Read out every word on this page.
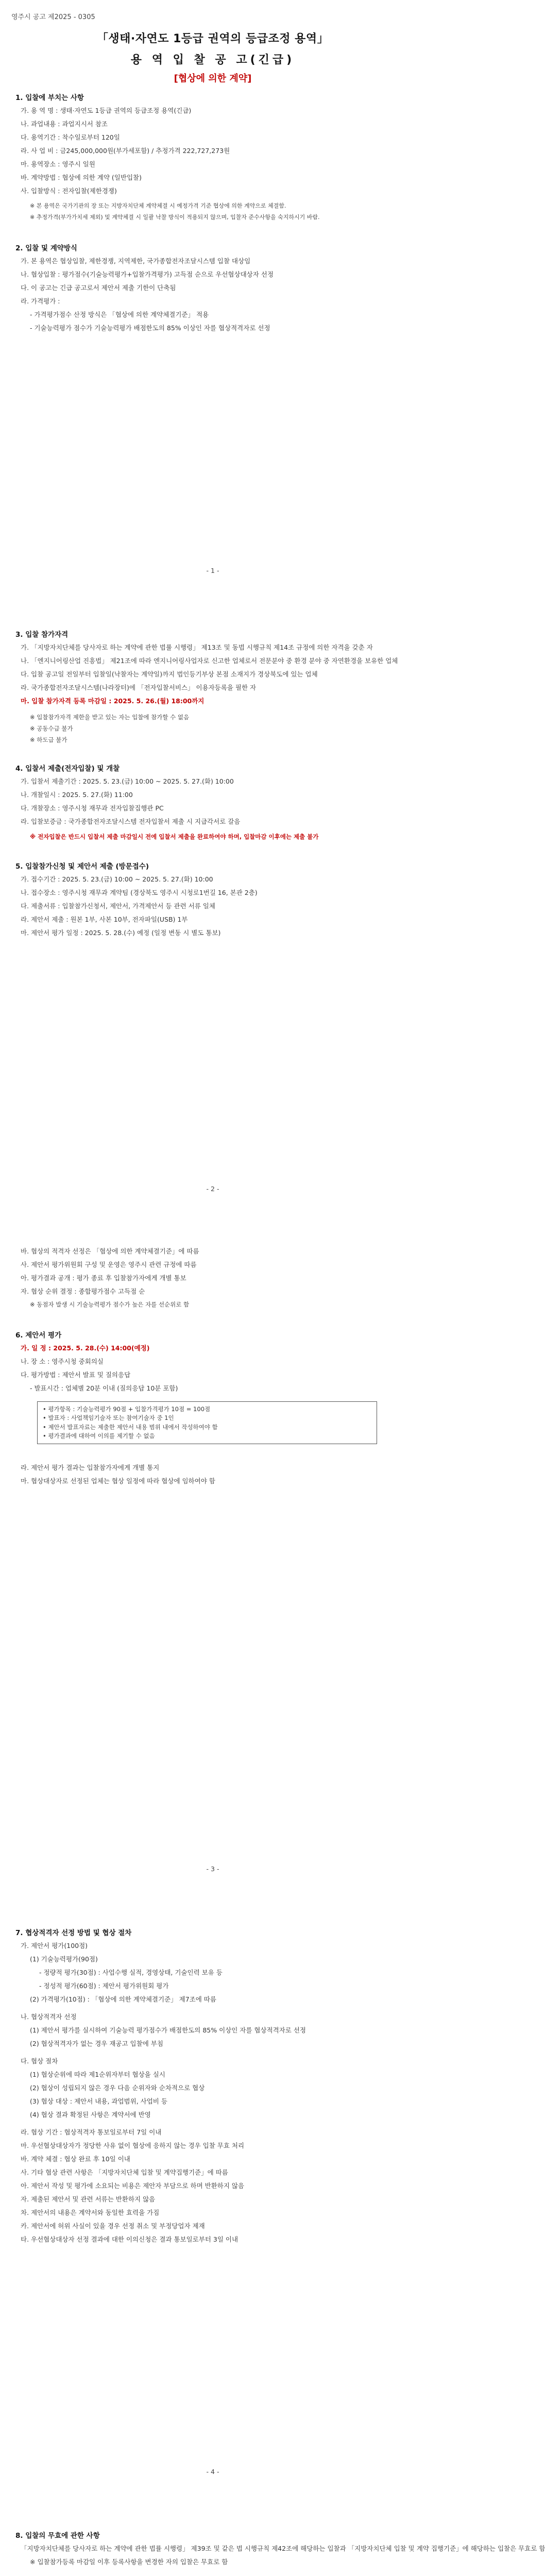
영주시 공고 제2025 - 0305
「생태·자연도 1등급 권역의 등급조정 용역」
용 역 입 찰 공 고(긴급)
[협상에 의한 계약]
1. 입찰에 부치는 사항
가. 용 역 명 : 생태·자연도 1등급 권역의 등급조정 용역(긴급)
나. 과업내용 : 과업지시서 참조
다. 용역기간 : 착수일로부터 120일
라. 사 업 비 : 금245,000,000원(부가세포함) / 추정가격 222,727,273원
마. 용역장소 : 영주시 일원
바. 계약방법 : 협상에 의한 계약 (일반입찰)
사. 입찰방식 : 전자입찰(제한경쟁)
※ 본 용역은 국가기관의 장 또는 지방자치단체 계약체결 시 예정가격 기준 협상에 의한 계약으로 체결함.
※ 추정가격(부가가치세 제외) 및 계약체결 시 일괄 낙찰 방식이 적용되지 않으며, 입찰자 준수사항을 숙지하시기 바람.
2. 입찰 및 계약방식
가. 본 용역은 협상입찰, 제한경쟁, 지역제한, 국가종합전자조달시스템 입찰 대상임
나. 협상입찰 : 평가점수(기술능력평가+입찰가격평가) 고득점 순으로 우선협상대상자 선정
다. 이 공고는 긴급 공고로서 제안서 제출 기한이 단축됨
라. 가격평가 :
- 가격평가점수 산정 방식은 「협상에 의한 계약체결기준」 적용
- 기술능력평가 점수가 기술능력평가 배점한도의 85% 이상인 자를 협상적격자로 선정
- 1 -
3. 입찰 참가자격
가. 「지방자치단체를 당사자로 하는 계약에 관한 법률 시행령」 제13조 및 동법 시행규칙 제14조 규정에 의한 자격을 갖춘 자
나. 「엔지니어링산업 진흥법」 제21조에 따라 엔지니어링사업자로 신고한 업체로서 전문분야 중 환경 분야 중 자연환경을 보유한 업체
다. 입찰 공고일 전일부터 입찰일(낙찰자는 계약일)까지 법인등기부상 본점 소재지가 경상북도에 있는 업체
라. 국가종합전자조달시스템(나라장터)에 「전자입찰서비스」 이용자등록을 필한 자
마. 입찰 참가자격 등록 마감일 : 2025. 5. 26.(월) 18:00까지
※ 입찰참가자격 제한을 받고 있는 자는 입찰에 참가할 수 없음
※ 공동수급 불가
※ 하도급 불가
4. 입찰서 제출(전자입찰) 및 개찰
가. 입찰서 제출기간 : 2025. 5. 23.(금) 10:00 ~ 2025. 5. 27.(화) 10:00
나. 개찰일시 : 2025. 5. 27.(화) 11:00
다. 개찰장소 : 영주시청 재무과 전자입찰집행관 PC
라. 입찰보증금 : 국가종합전자조달시스템 전자입찰서 제출 시 지급각서로 갈음
※ 전자입찰은 반드시 입찰서 제출 마감일시 전에 입찰서 제출을 완료하여야 하며, 입찰마감 이후에는 제출 불가
5. 입찰참가신청 및 제안서 제출 (방문접수)
가. 접수기간 : 2025. 5. 23.(금) 10:00 ~ 2025. 5. 27.(화) 10:00
나. 접수장소 : 영주시청 재무과 계약팀 (경상북도 영주시 시청로1번길 16, 본관 2층)
다. 제출서류 : 입찰참가신청서, 제안서, 가격제안서 등 관련 서류 일체
라. 제안서 제출 : 원본 1부, 사본 10부, 전자파일(USB) 1부
마. 제안서 평가 일정 : 2025. 5. 28.(수) 예정 (일정 변동 시 별도 통보)
- 2 -
바. 협상의 적격자 선정은 「협상에 의한 계약체결기준」에 따름
사. 제안서 평가위원회 구성 및 운영은 영주시 관련 규정에 따름
아. 평가결과 공개 : 평가 종료 후 입찰참가자에게 개별 통보
자. 협상 순위 결정 : 종합평가점수 고득점 순
※ 동점자 발생 시 기술능력평가 점수가 높은 자를 선순위로 함
6. 제안서 평가
가. 일 정 : 2025. 5. 28.(수) 14:00(예정)
나. 장 소 : 영주시청 중회의실
다. 평가방법 : 제안서 발표 및 질의응답
- 발표시간 : 업체별 20분 이내 (질의응답 10분 포함)
• 평가항목 : 기술능력평가 90점 + 입찰가격평가 10점 = 100점
• 발표자 : 사업책임기술자 또는 참여기술자 중 1인
• 제안서 발표자료는 제출한 제안서 내용 범위 내에서 작성하여야 함
• 평가결과에 대하여 이의를 제기할 수 없음
라. 제안서 평가 결과는 입찰참가자에게 개별 통지
마. 협상대상자로 선정된 업체는 협상 일정에 따라 협상에 임하여야 함
- 3 -
7. 협상적격자 선정 방법 및 협상 절차
가. 제안서 평가(100점)
(1) 기술능력평가(90점)
- 정량적 평가(30점) : 사업수행 실적, 경영상태, 기술인력 보유 등
- 정성적 평가(60점) : 제안서 평가위원회 평가
(2) 가격평가(10점) : 「협상에 의한 계약체결기준」 제7조에 따름
나. 협상적격자 선정
(1) 제안서 평가를 실시하여 기술능력 평가점수가 배점한도의 85% 이상인 자를 협상적격자로 선정
(2) 협상적격자가 없는 경우 재공고 입찰에 부침
다. 협상 절차
(1) 협상순위에 따라 제1순위자부터 협상을 실시
(2) 협상이 성립되지 않은 경우 다음 순위자와 순차적으로 협상
(3) 협상 대상 : 제안서 내용, 과업범위, 사업비 등
(4) 협상 결과 확정된 사항은 계약서에 반영
라. 협상 기간 : 협상적격자 통보일로부터 7일 이내
마. 우선협상대상자가 정당한 사유 없이 협상에 응하지 않는 경우 입찰 무효 처리
바. 계약 체결 : 협상 완료 후 10일 이내
사. 기타 협상 관련 사항은 「지방자치단체 입찰 및 계약집행기준」에 따름
아. 제안서 작성 및 평가에 소요되는 비용은 제안자 부담으로 하며 반환하지 않음
자. 제출된 제안서 및 관련 서류는 반환하지 않음
차. 제안서의 내용은 계약서와 동일한 효력을 가짐
카. 제안서에 허위 사실이 있을 경우 선정 취소 및 부정당업자 제재
타. 우선협상대상자 선정 결과에 대한 이의신청은 결과 통보일로부터 3일 이내
- 4 -
8. 입찰의 무효에 관한 사항
「지방자치단체를 당사자로 하는 계약에 관한 법률 시행령」 제39조 및 같은 법 시행규칙 제42조에 해당하는 입찰과 「지방자치단체 입찰 및 계약 집행기준」에 해당하는 입찰은 무효로 함
※ 입찰참가등록 마감일 이후 등록사항을 변경한 자의 입찰은 무효로 함
